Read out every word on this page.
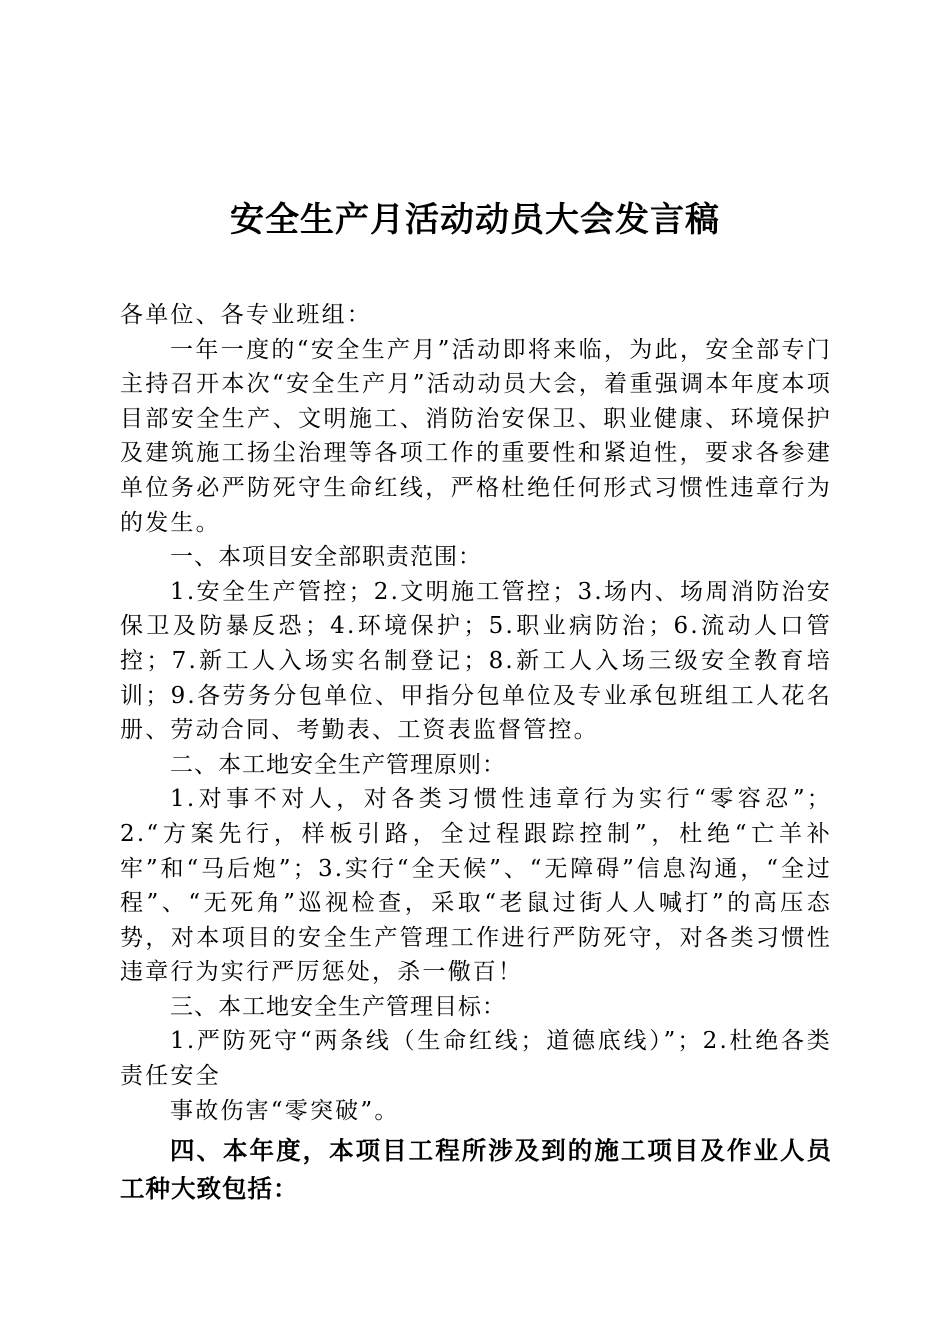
安全生产月活动动员大会发言稿

各单位、各专业班组：

一年一度的“安全生产月”活动即将来临，为此，安全部专门主持召开本次“安全生产月”活动动员大会，着重强调本年度本项目部安全生产、文明施工、消防治安保卫、职业健康、环境保护及建筑施工扬尘治理等各项工作的重要性和紧迫性，要求各参建单位务必严防死守生命红线，严格杜绝任何形式习惯性违章行为的发生。

一、本项目安全部职责范围：

1.安全生产管控；2.文明施工管控；3.场内、场周消防治安保卫及防暴反恐；4.环境保护；5.职业病防治；6.流动人口管控；7.新工人入场实名制登记；8.新工人入场三级安全教育培训；9.各劳务分包单位、甲指分包单位及专业承包班组工人花名册、劳动合同、考勤表、工资表监督管控。

二、本工地安全生产管理原则：

1.对事不对人，对各类习惯性违章行为实行“零容忍”；2.“方案先行，样板引路，全过程跟踪控制”，杜绝“亡羊补牢”和“马后炮”；3.实行“全天候”、“无障碍”信息沟通，“全过程”、“无死角”巡视检查，采取“老鼠过街人人喊打”的高压态势，对本项目的安全生产管理工作进行严防死守，对各类习惯性违章行为实行严厉惩处，杀一儆百！

三、本工地安全生产管理目标：

1.严防死守“两条线（生命红线；道德底线）”；2.杜绝各类责任安全

事故伤害“零突破”。

四、本年度，本项目工程所涉及到的施工项目及作业人员工种大致包括：
